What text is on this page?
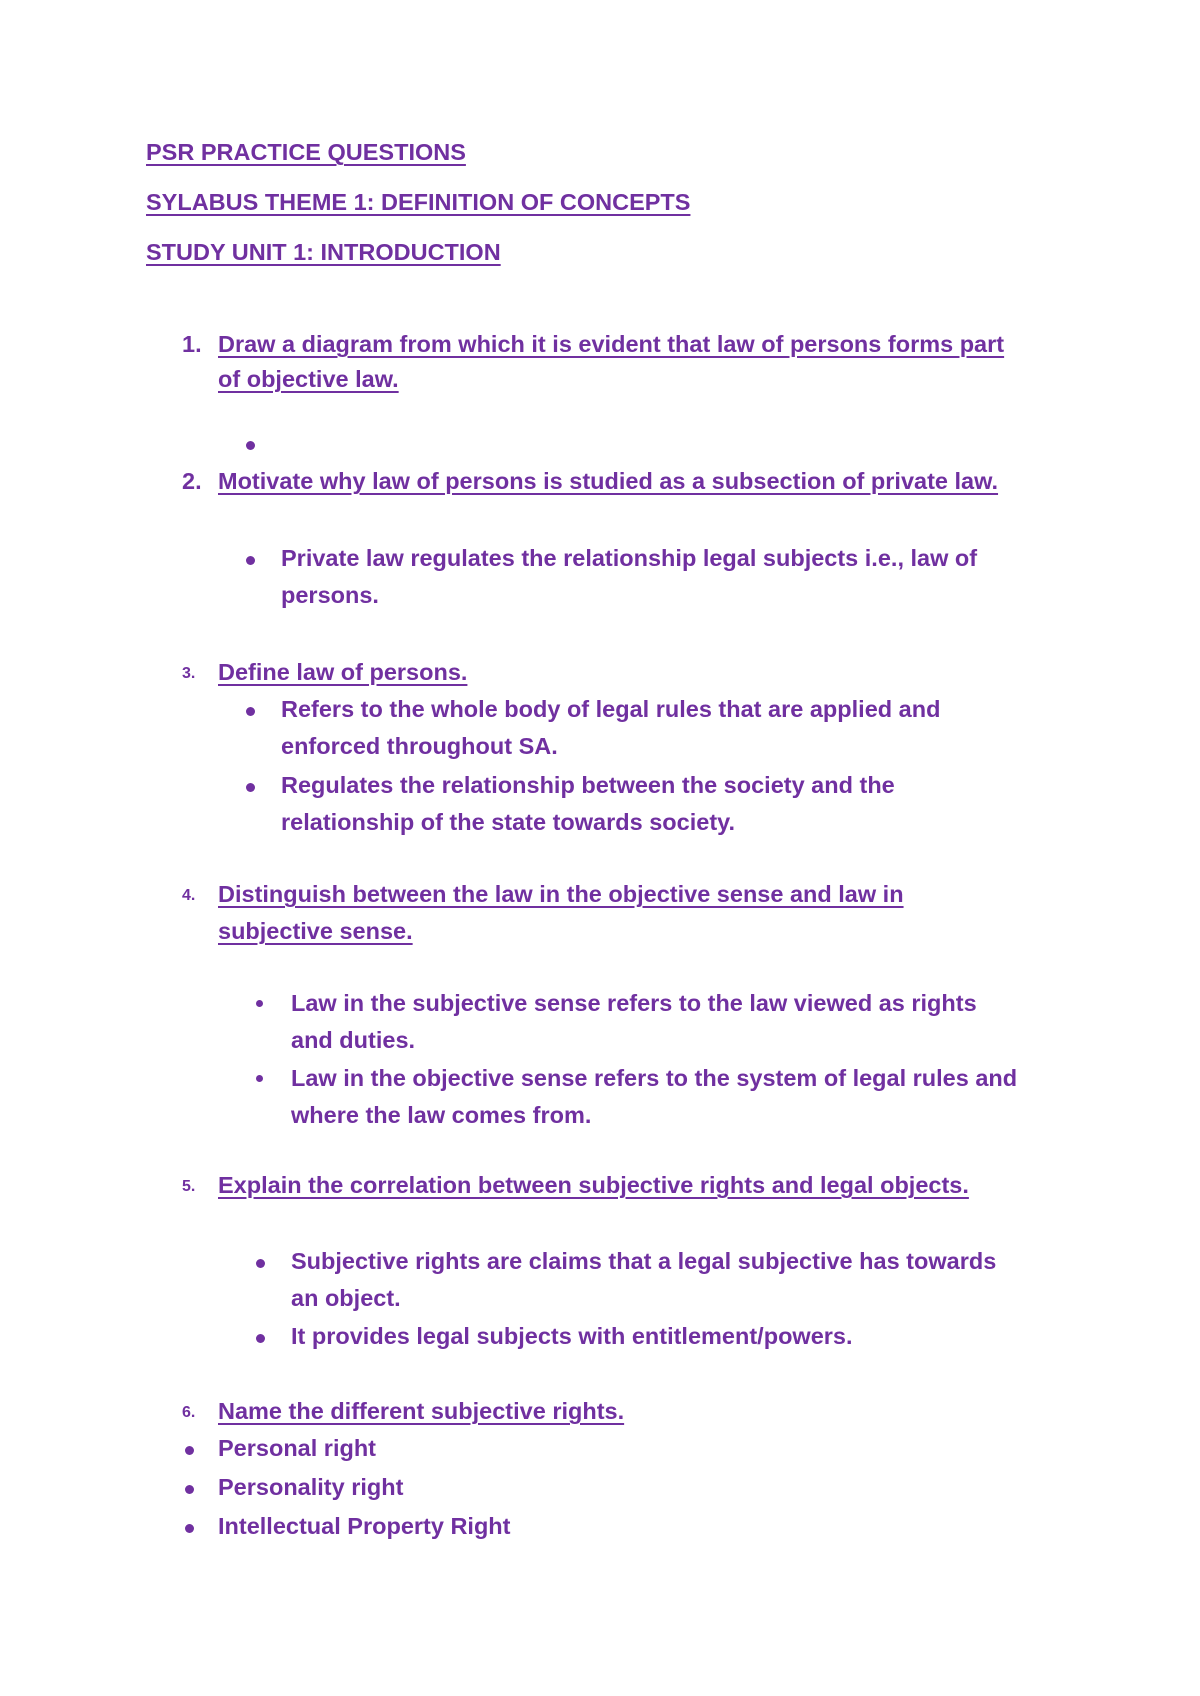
PSR PRACTICE QUESTIONS
SYLABUS THEME 1: DEFINITION OF CONCEPTS
STUDY UNIT 1: INTRODUCTION
1. Draw a diagram from which it is evident that law of persons forms part
of objective law.
2. Motivate why law of persons is studied as a subsection of private law.
Private law regulates the relationship legal subjects i.e., law of
persons.
3. Define law of persons.
Refers to the whole body of legal rules that are applied and
enforced throughout SA.
Regulates the relationship between the society and the
relationship of the state towards society.
4. Distinguish between the law in the objective sense and law in
subjective sense.
Law in the subjective sense refers to the law viewed as rights
and duties.
Law in the objective sense refers to the system of legal rules and
where the law comes from.
5. Explain the correlation between subjective rights and legal objects.
Subjective rights are claims that a legal subjective has towards
an object.
It provides legal subjects with entitlement/powers.
6. Name the different subjective rights.
Personal right
Personality right
Intellectual Property Right
